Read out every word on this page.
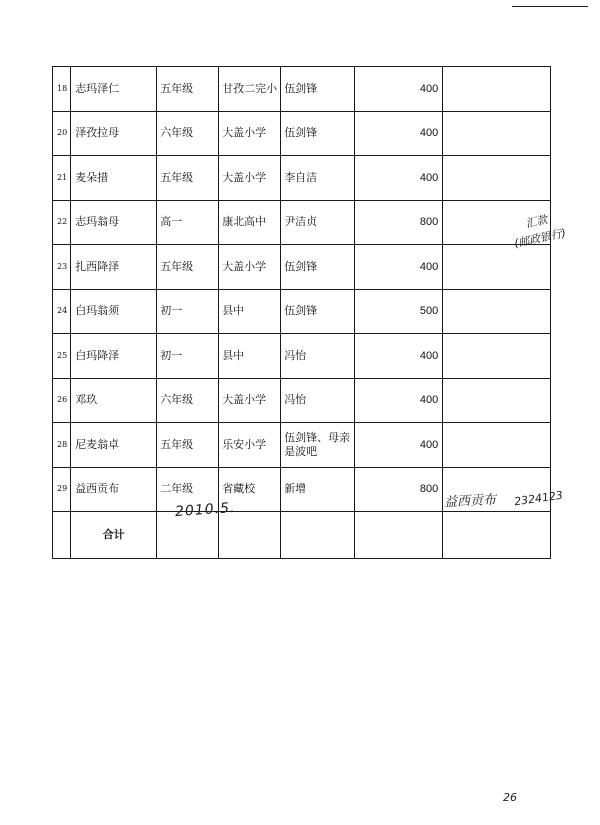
18	志玛泽仁	五年级	甘孜二完小	伍剑锋	400	
20	泽孜拉母	六年级	大盖小学	伍剑锋	400	
21	麦朵措	五年级	大盖小学	李自洁	400	
22	志玛翁母	高一	康北高中	尹洁贞	800	
23	扎西降泽	五年级	大盖小学	伍剑锋	400	
24	白玛翁须	初一	县中	伍剑锋	500	
25	白玛降泽	初一	县中	冯怡	400	
26	邓玖	六年级	大盖小学	冯怡	400	
28	尼麦翁卓	五年级	乐安小学	伍剑锋、母亲是波吧	400	
29	益西贡布	二年级	省藏校	新增	800	
	合计					
2010.5.	益西贡布
汇款
(邮政银行)
2324123
26
